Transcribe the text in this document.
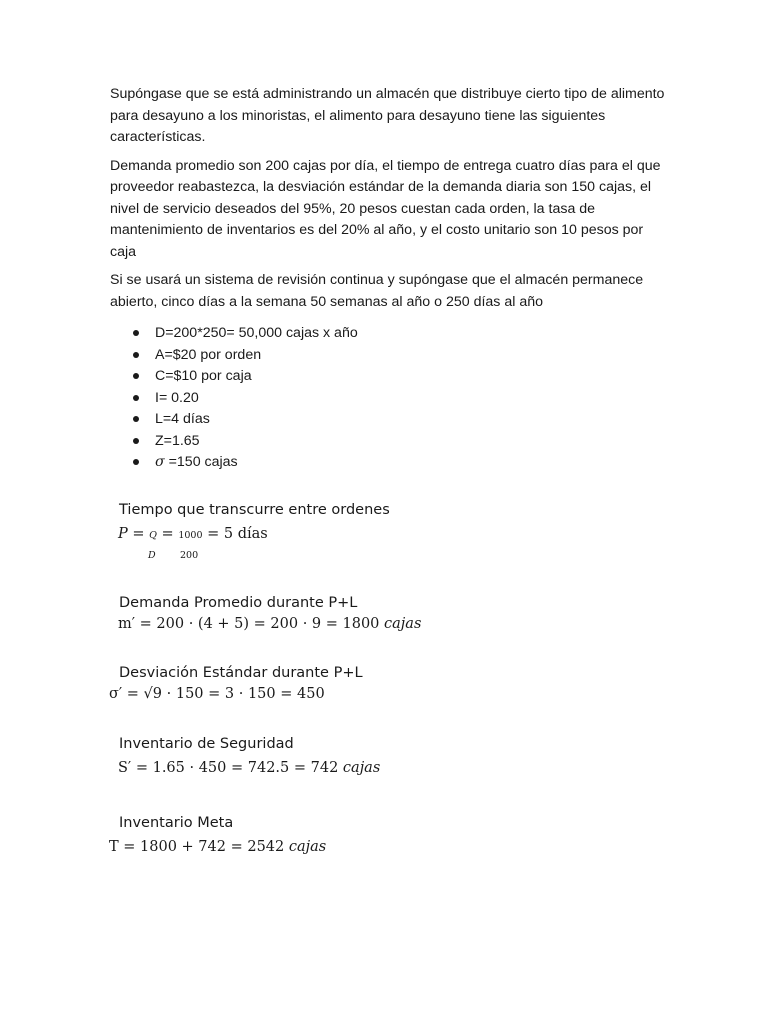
Supóngase que se está administrando un almacén que distribuye cierto tipo de alimento para desayuno a los minoristas, el alimento para desayuno tiene las siguientes características.

Demanda promedio son 200 cajas por día, el tiempo de entrega cuatro días para el que proveedor reabastezca, la desviación estándar de la demanda diaria son 150 cajas, el nivel de servicio deseados del 95%, 20 pesos cuestan cada orden, la tasa de mantenimiento de inventarios es del 20% al año, y el costo unitario son 10 pesos por caja

Si se usará un sistema de revisión continua y supóngase que el almacén permanece abierto, cinco días a la semana 50 semanas al año o 250 días al año

D=200*250= 50,000 cajas x año
A=$20 por orden
C=$10 por caja
I= 0.20
L=4 días
Z=1.65
σ =150 cajas
Tiempo que transcurre entre ordenes
P = Q = 1000 = 5 días
D	200
Demanda Promedio durante P+L
m′ = 200 · (4 + 5) = 200 · 9 = 1800 cajas
Desviación Estándar durante P+L
σ′ = √9 · 150 = 3 · 150 = 450
Inventario de Seguridad
S′ = 1.65 · 450 = 742.5 = 742 cajas
Inventario Meta
T = 1800 + 742 = 2542 cajas
